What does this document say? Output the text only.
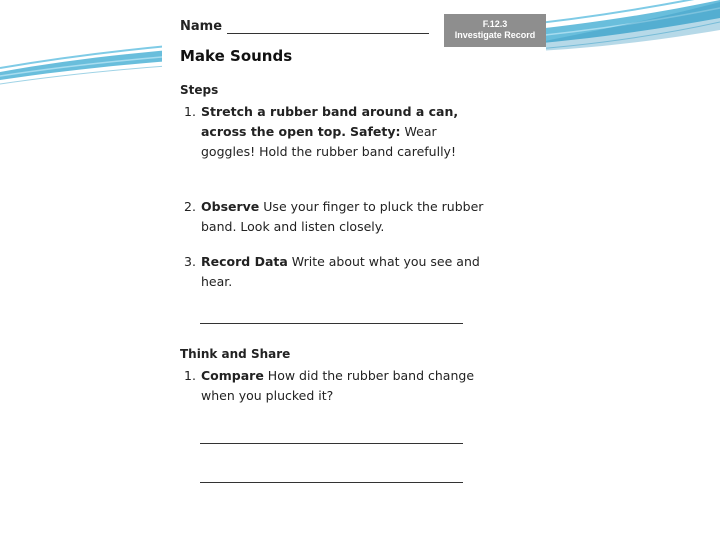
Name	F.12.3
Investigate Record
Make Sounds
Steps
1. Stretch a rubber band around a can, across the open top. Safety: Wear goggles! Hold the rubber band carefully!
2. Observe Use your finger to pluck the rubber band. Look and listen closely.
3. Record Data Write about what you see and hear.
Think and Share
1. Compare How did the rubber band change when you plucked it?
